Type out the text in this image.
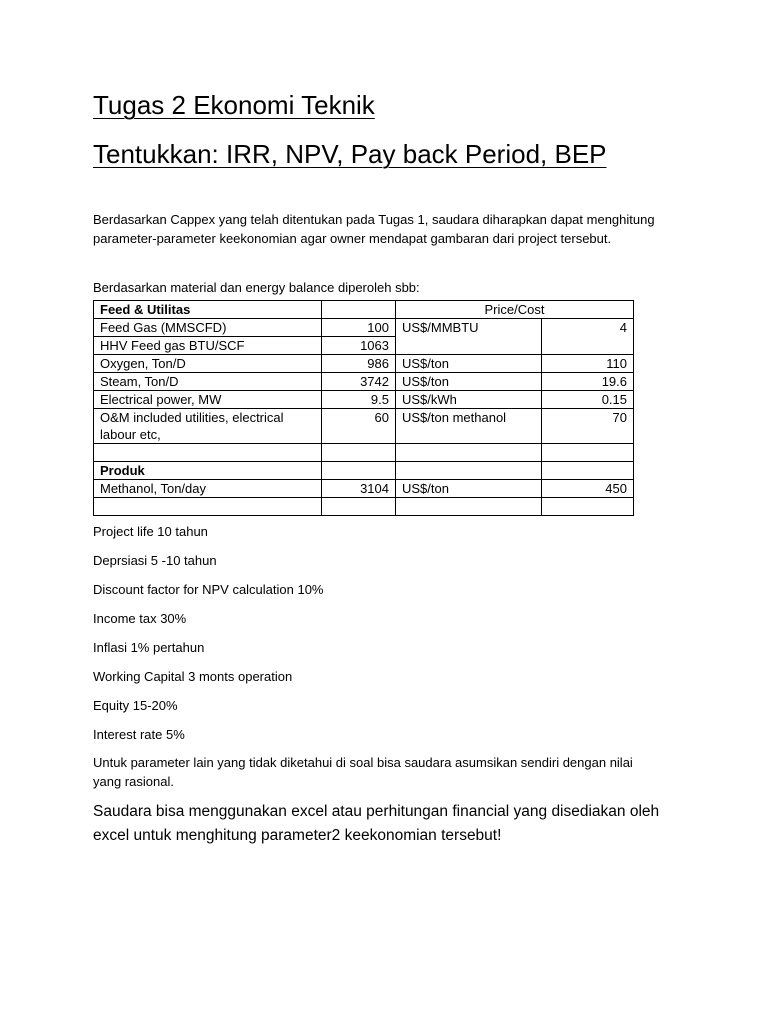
Tugas 2 Ekonomi Teknik
Tentukkan: IRR, NPV, Pay back Period, BEP

Berdasarkan Cappex yang telah ditentukan pada Tugas 1, saudara diharapkan dapat menghitung parameter-parameter keekonomian agar owner mendapat gambaran dari project tersebut.

Berdasarkan material dan energy balance diperoleh sbb:

Feed & Utilitas		Price/Cost	
Feed Gas (MMSCFD)	100	US$/MMBTU	4
HHV Feed gas BTU/SCF	1063		
Oxygen, Ton/D	986	US$/ton	110
Steam, Ton/D	3742	US$/ton	19.6
Electrical power, MW	9.5	US$/kWh	0.15
O&M included utilities, electrical labour etc,	60	US$/ton methanol	70

Produk			
Methanol, Ton/day	3104	US$/ton	450

Project life 10 tahun

Deprsiasi 5 -10 tahun

Discount factor for NPV calculation 10%

Income tax 30%

Inflasi 1% pertahun

Working Capital 3 monts operation

Equity 15-20%

Interest rate 5%

Untuk parameter lain yang tidak diketahui di soal bisa saudara asumsikan sendiri dengan nilai yang rasional.

Saudara bisa menggunakan excel atau perhitungan financial yang disediakan oleh excel untuk menghitung parameter2 keekonomian tersebut!
